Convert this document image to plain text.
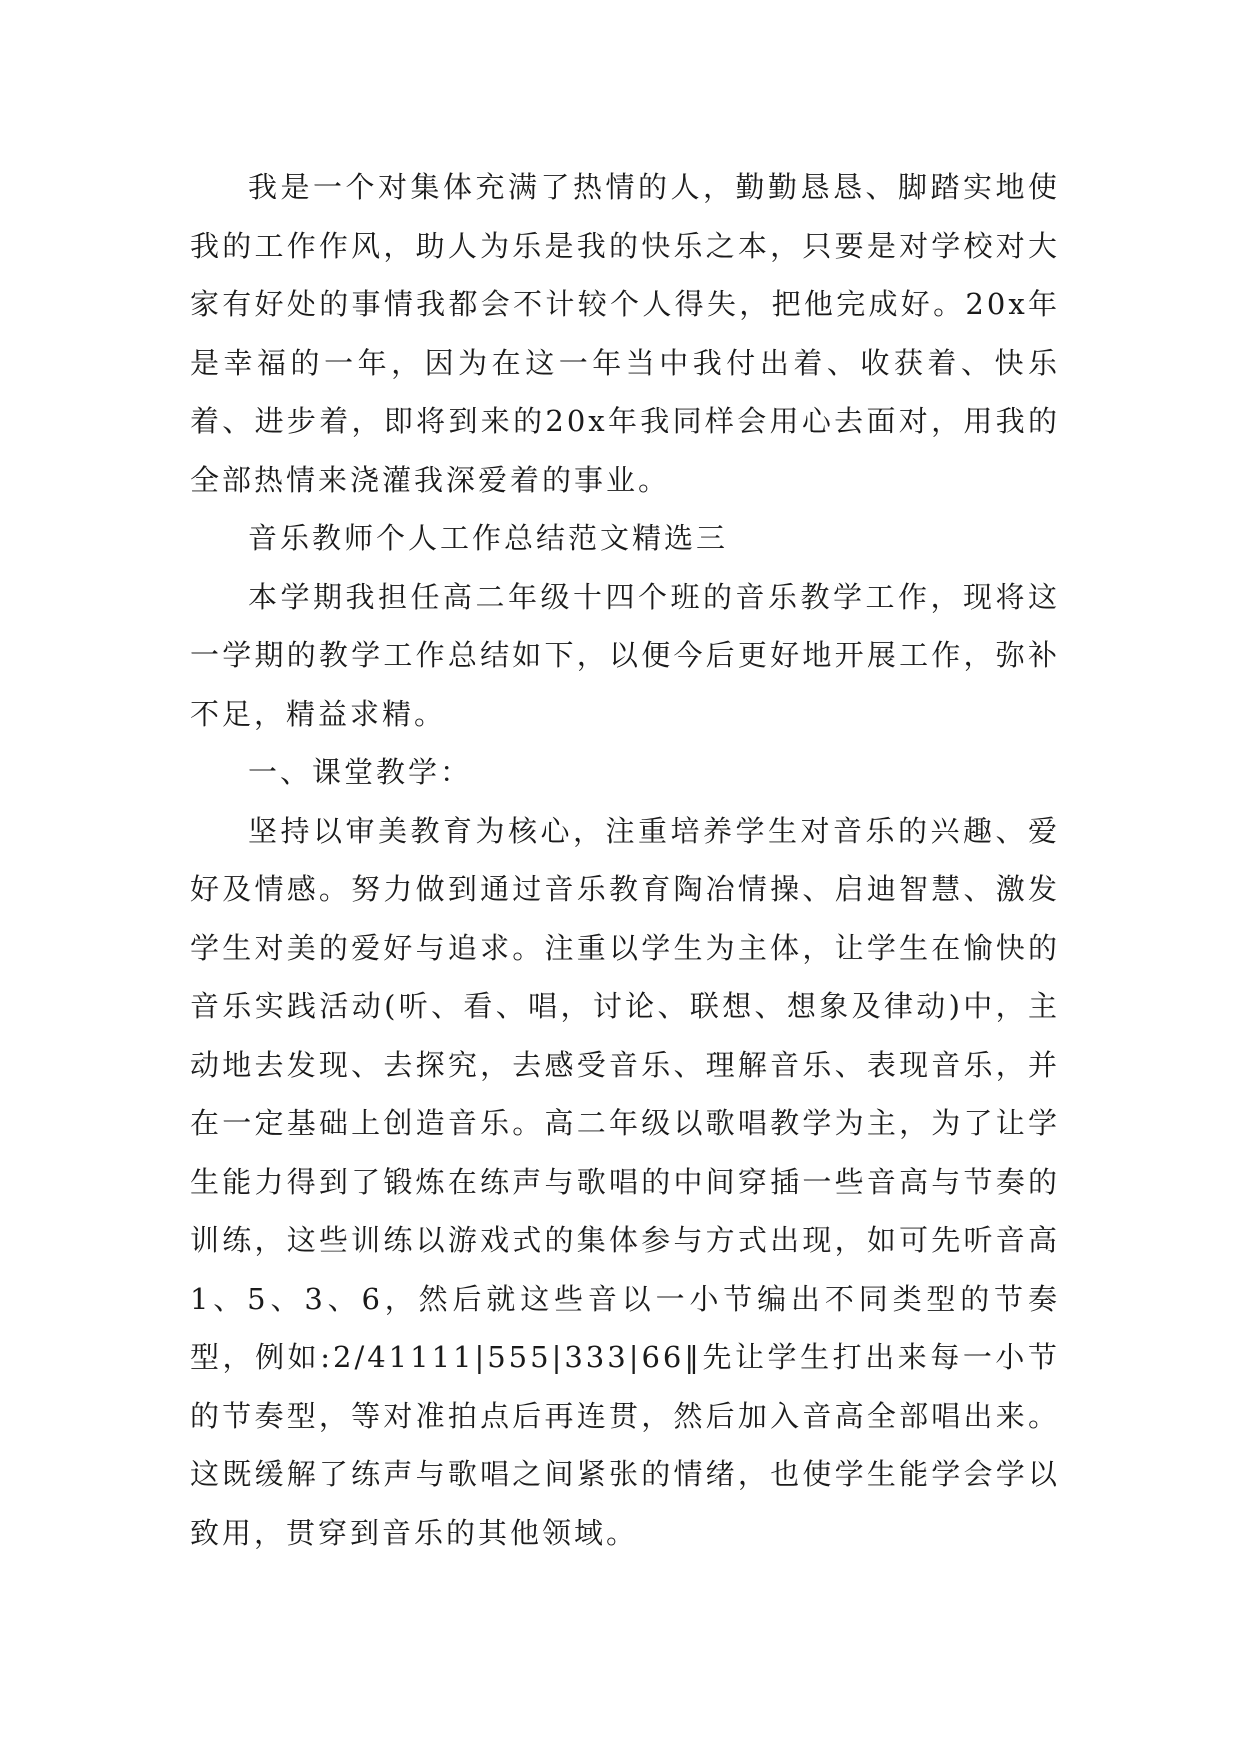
我是一个对集体充满了热情的人，勤勤恳恳、脚踏实地使我的工作作风，助人为乐是我的快乐之本，只要是对学校对大家有好处的事情我都会不计较个人得失，把他完成好。20x年是幸福的一年，因为在这一年当中我付出着、收获着、快乐着、进步着，即将到来的20x年我同样会用心去面对，用我的全部热情来浇灌我深爱着的事业。

音乐教师个人工作总结范文精选三

本学期我担任高二年级十四个班的音乐教学工作，现将这一学期的教学工作总结如下，以便今后更好地开展工作，弥补不足，精益求精。

一、课堂教学：

坚持以审美教育为核心，注重培养学生对音乐的兴趣、爱好及情感。努力做到通过音乐教育陶冶情操、启迪智慧、激发学生对美的爱好与追求。注重以学生为主体，让学生在愉快的音乐实践活动(听、看、唱，讨论、联想、想象及律动)中，主动地去发现、去探究，去感受音乐、理解音乐、表现音乐，并在一定基础上创造音乐。高二年级以歌唱教学为主，为了让学生能力得到了锻炼在练声与歌唱的中间穿插一些音高与节奏的训练，这些训练以游戏式的集体参与方式出现，如可先听音高1、5、3、6，然后就这些音以一小节编出不同类型的节奏型，例如:2/41111|555|333|66‖先让学生打出来每一小节的节奏型，等对准拍点后再连贯，然后加入音高全部唱出来。这既缓解了练声与歌唱之间紧张的情绪，也使学生能学会学以致用，贯穿到音乐的其他领域。
